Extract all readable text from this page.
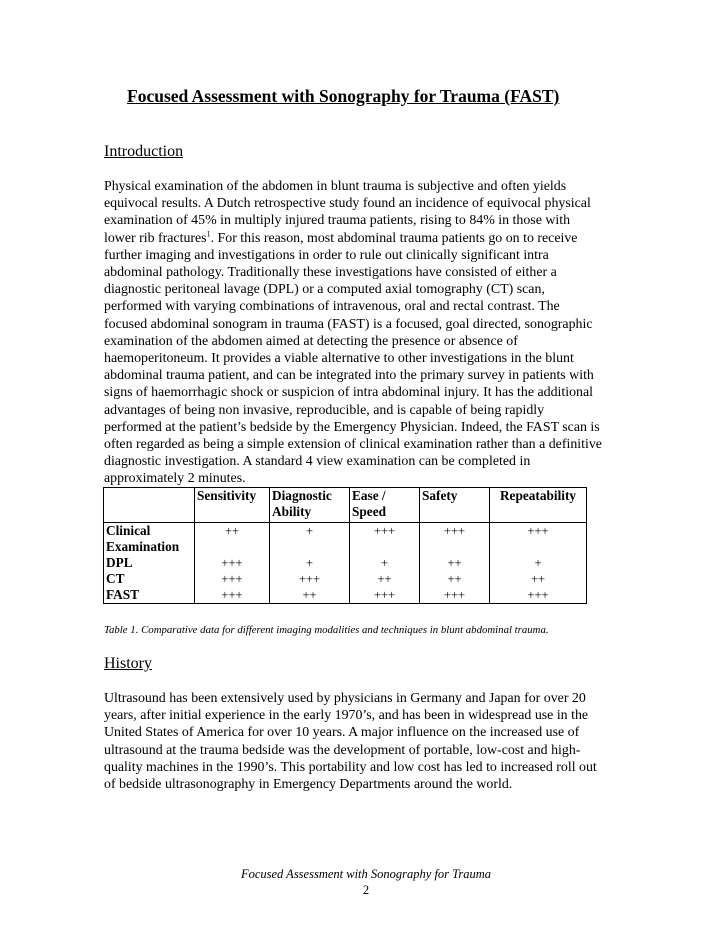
Focused Assessment with Sonography for Trauma (FAST)
Introduction

Physical examination of the abdomen in blunt trauma is subjective and often yields
equivocal results. A Dutch retrospective study found an incidence of equivocal physical
examination of 45% in multiply injured trauma patients, rising to 84% in those with
lower rib fractures$^1$. For this reason, most abdominal trauma patients go on to receive
further imaging and investigations in order to rule out clinically significant intra
abdominal pathology. Traditionally these investigations have consisted of either a
diagnostic peritoneal lavage (DPL) or a computed axial tomography (CT) scan,
performed with varying combinations of intravenous, oral and rectal contrast. The
focused abdominal sonogram in trauma (FAST) is a focused, goal directed, sonographic
examination of the abdomen aimed at detecting the presence or absence of
haemoperitoneum. It provides a viable alternative to other investigations in the blunt
abdominal trauma patient, and can be integrated into the primary survey in patients with
signs of haemorrhagic shock or suspicion of intra abdominal injury. It has the additional
advantages of being non invasive, reproducible, and is capable of being rapidly
performed at the patient’s bedside by the Emergency Physician. Indeed, the FAST scan is
often regarded as being a simple extension of clinical examination rather than a definitive
diagnostic investigation. A standard 4 view examination can be completed in
approximately 2 minutes.

	Sensitivity	Diagnostic Ability	Ease / Speed	Safety	Repeatability
Clinical Examination	++	+	+++	+++	+++
DPL	+++	+	+	++	+
CT	+++	+++	++	++	++
FAST	+++	++	+++	+++	+++

Table 1. Comparative data for different imaging modalities and techniques in blunt abdominal trauma.

History

Ultrasound has been extensively used by physicians in Germany and Japan for over 20
years, after initial experience in the early 1970’s, and has been in widespread use in the
United States of America for over 10 years. A major influence on the increased use of
ultrasound at the trauma bedside was the development of portable, low-cost and high-
quality machines in the 1990’s. This portability and low cost has led to increased roll out
of bedside ultrasonography in Emergency Departments around the world.

Focused Assessment with Sonography for Trauma
2
